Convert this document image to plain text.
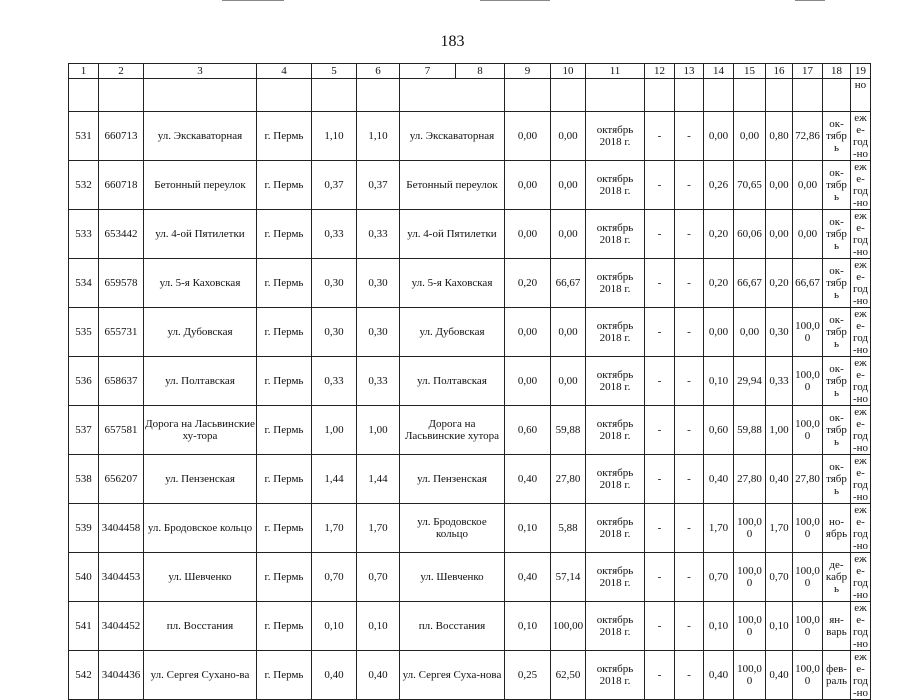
183
1	2	3	4	5	6	7	8	9	10	11	12	13	14	15	16	17	18	19
																		но
531	660713	ул. Экскаваторная	г. Пермь	1,10	1,10	ул. Экскаваторная		0,00	0,00	октябрь 2018 г.	-	-	0,00	0,00	0,80	72,86	ок-тябрь	еже-год-но
532	660718	Бетонный переулок	г. Пермь	0,37	0,37	Бетонный переулок		0,00	0,00	октябрь 2018 г.	-	-	0,26	70,65	0,00	0,00	ок-тябрь	еже-год-но
533	653442	ул. 4-ой Пятилетки	г. Пермь	0,33	0,33	ул. 4-ой Пятилетки		0,00	0,00	октябрь 2018 г.	-	-	0,20	60,06	0,00	0,00	ок-тябрь	еже-год-но
534	659578	ул. 5-я Каховская	г. Пермь	0,30	0,30	ул. 5-я Каховская		0,20	66,67	октябрь 2018 г.	-	-	0,20	66,67	0,20	66,67	ок-тябрь	еже-год-но
535	655731	ул. Дубовская	г. Пермь	0,30	0,30	ул. Дубовская		0,00	0,00	октябрь 2018 г.	-	-	0,00	0,00	0,30	100,0 0	ок-тябрь	еже-год-но
536	658637	ул. Полтавская	г. Пермь	0,33	0,33	ул. Полтавская		0,00	0,00	октябрь 2018 г.	-	-	0,10	29,94	0,33	100,0 0	ок-тябрь	еже-год-но
537	657581	Дорога на Ласьвинские ху-тора	г. Пермь	1,00	1,00	Дорога на Ласьвинские хутора		0,60	59,88	октябрь 2018 г.	-	-	0,60	59,88	1,00	100,0 0	ок-тябрь	еже-год-но
538	656207	ул. Пензенская	г. Пермь	1,44	1,44	ул. Пензенская		0,40	27,80	октябрь 2018 г.	-	-	0,40	27,80	0,40	27,80	ок-тябрь	еже-год-но
539	3404458	ул. Бродовское кольцо	г. Пермь	1,70	1,70	ул. Бродовское кольцо		0,10	5,88	октябрь 2018 г.	-	-	1,70	100,00	1,70	100,0 0	но-ябрь	еже-год-но
540	3404453	ул. Шевченко	г. Пермь	0,70	0,70	ул. Шевченко		0,40	57,14	октябрь 2018 г.	-	-	0,70	100,00	0,70	100,0 0	де-кабрь	еже-год-но
541	3404452	пл. Восстания	г. Пермь	0,10	0,10	пл. Восстания		0,10	100,00	октябрь 2018 г.	-	-	0,10	100,00	0,10	100,0 0	ян-варь	еже-год-но
542	3404436	ул. Сергея Сухано-ва	г. Пермь	0,40	0,40	ул. Сергея Суха-нова		0,25	62,50	октябрь 2018 г.	-	-	0,40	100,00	0,40	100,0 0	фев-раль	еже-год-но
